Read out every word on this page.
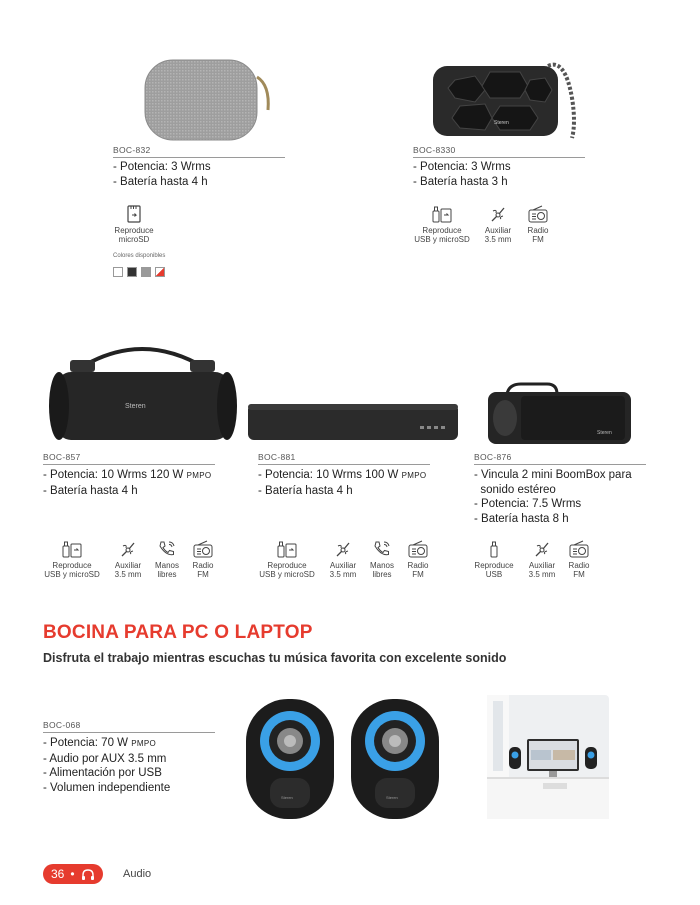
Steren
Steren
Steren
Steren	Steren
BOC-832
- Potencia: 3 Wrms
- Batería hasta 4 h
Reproduce
microSD
Colores disponibles
BOC-8330
- Potencia: 3 Wrms
- Batería hasta 3 h
Reproduce
USB y microSD
Auxiliar
3.5 mm
Radio
FM
BOC-857
- Potencia: 10 Wrms 120 W PMPO
- Batería hasta 4 h
Reproduce
USB y microSD
Auxiliar
3.5 mm
Manos
libres
Radio
FM
BOC-881
- Potencia: 10 Wrms 100 W PMPO
- Batería hasta 4 h
Reproduce
USB y microSD
Auxiliar
3.5 mm
Manos
libres
Radio
FM
BOC-876
- Vincula 2 mini BoomBox para
sonido estéreo
- Potencia: 7.5 Wrms
- Batería hasta 8 h
Reproduce
USB
Auxiliar
3.5 mm
Radio
FM
BOCINA PARA PC O LAPTOP
Disfruta el trabajo mientras escuchas tu música favorita con excelente sonido
BOC-068
- Potencia: 70 W PMPO
- Audio por AUX 3.5 mm
- Alimentación por USB
- Volumen independiente
36 •	Audio
